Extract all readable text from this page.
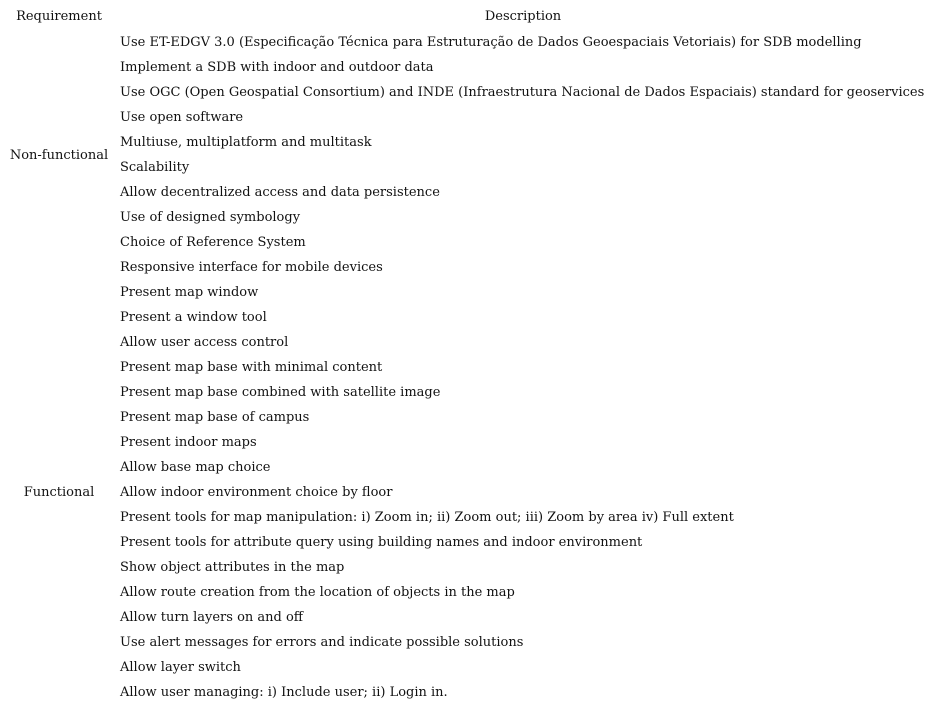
Requirement	Description
Use ET-EDGV 3.0 (Especificação Técnica para Estruturação de Dados Geoespaciais Vetoriais) for SDB modelling
Implement a SDB with indoor and outdoor data
Use OGC (Open Geospatial Consortium) and INDE (Infraestrutura Nacional de Dados Espaciais) standard for geoservices
Use open software
Multiuse, multiplatform and multitask
Scalability
Allow decentralized access and data persistence
Use of designed symbology
Choice of Reference System
Responsive interface for mobile devices
Non-functional
Present map window
Present a window tool
Allow user access control
Present map base with minimal content
Present map base combined with satellite image
Present map base of campus
Present indoor maps
Allow base map choice
Allow indoor environment choice by floor
Present tools for map manipulation: i) Zoom in; ii) Zoom out; iii) Zoom by area iv) Full extent
Present tools for attribute query using building names and indoor environment
Show object attributes in the map
Allow route creation from the location of objects in the map
Allow turn layers on and off
Use alert messages for errors and indicate possible solutions
Allow layer switch
Allow user managing: i) Include user; ii) Login in.
Functional
